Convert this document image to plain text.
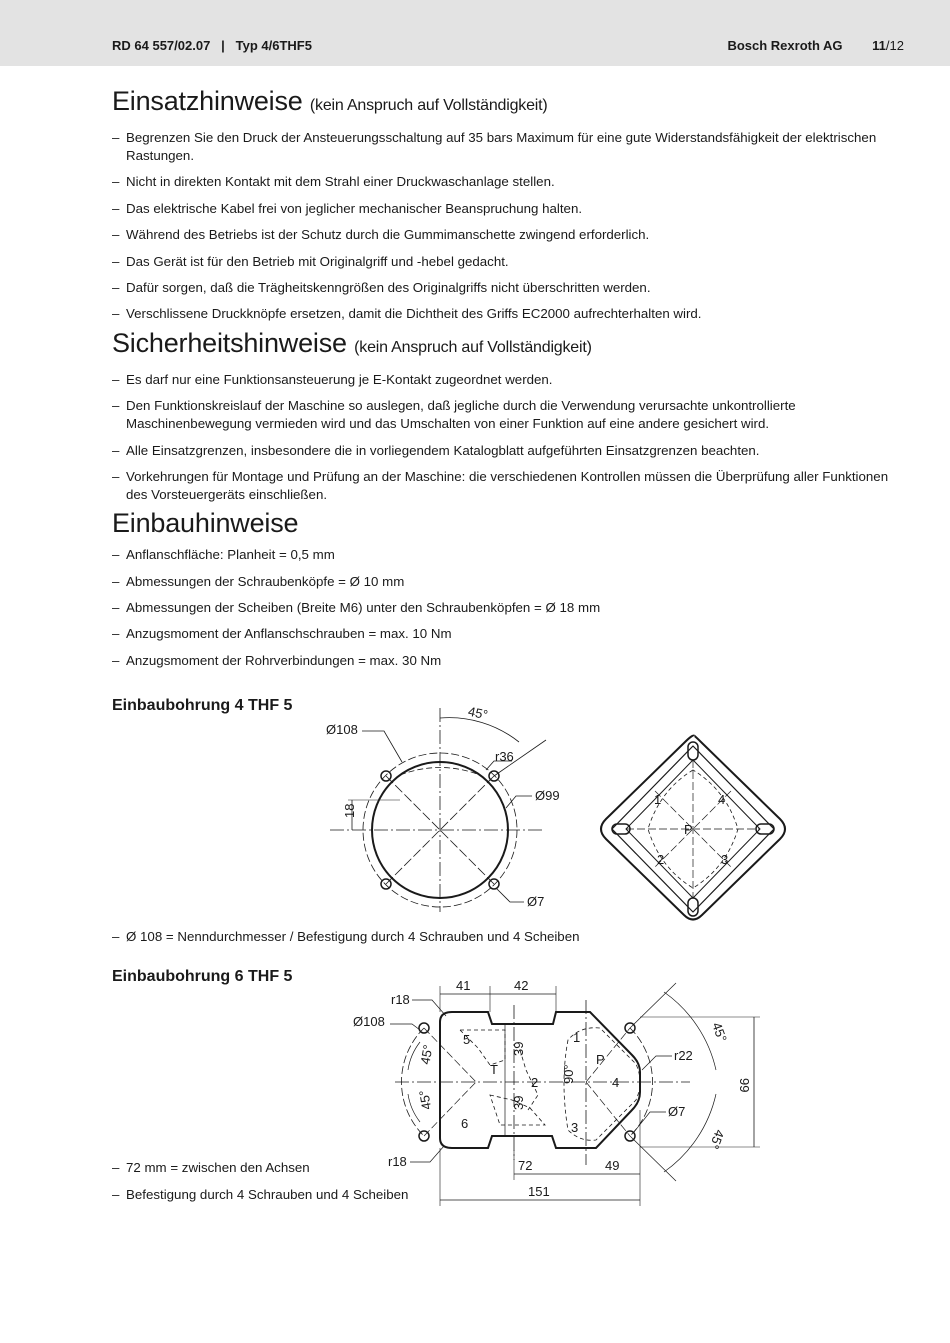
RD 64 557/02.07 | Typ 4/6THF5	Bosch Rexroth AG 11/12
Einsatzhinweise (kein Anspruch auf Vollständigkeit)
– Begrenzen Sie den Druck der Ansteuerungsschaltung auf 35 bars Maximum für eine gute Widerstandsfähigkeit der elektrischen Rastungen.
– Nicht in direkten Kontakt mit dem Strahl einer Druckwaschanlage stellen.
– Das elektrische Kabel frei von jeglicher mechanischer Beanspruchung halten.
– Während des Betriebs ist der Schutz durch die Gummimanschette zwingend erforderlich.
– Das Gerät ist für den Betrieb mit Originalgriff und -hebel gedacht.
– Dafür sorgen, daß die Trägheitskenngrößen des Originalgriffs nicht überschritten werden.
– Verschlissene Druckknöpfe ersetzen, damit die Dichtheit des Griffs EC2000 aufrechterhalten wird.
Sicherheitshinweise (kein Anspruch auf Vollständigkeit)
– Es darf nur eine Funktionsansteuerung je E-Kontakt zugeordnet werden.
– Den Funktionskreislauf der Maschine so auslegen, daß jegliche durch die Verwendung verursachte unkontrollierte Maschinenbewegung vermieden wird und das Umschalten von einer Funktion auf eine andere gesichert wird.
– Alle Einsatzgrenzen, insbesondere die in vorliegendem Katalogblatt aufgeführten Einsatzgrenzen beachten.
– Vorkehrungen für Montage und Prüfung an der Maschine: die verschiedenen Kontrollen müssen die Überprüfung aller Funktionen des Vorsteuergeräts einschließen.
Einbauhinweise
– Anflanschfläche: Planheit = 0,5 mm
– Abmessungen der Schraubenköpfe = Ø 10 mm
– Abmessungen der Scheiben (Breite M6) unter den Schraubenköpfen = Ø 18 mm
– Anzugsmoment der Anflanschschrauben = max. 10 Nm
– Anzugsmoment der Rohrverbindungen = max. 30 Nm
Einbaubohrung 4 THF 5	45°
Ø108
r36
Ø99
18
Ø7
1	4
P
2	3
– Ø 108 = Nenndurchmesser / Befestigung durch 4 Schrauben und 4 Scheiben
Einbaubohrung 6 THF 5
41	42
r18
Ø108
5
39
T
2 90°
1
P
4
r22
45°
45°
45°
45°
99
39
6	3
Ø7
r18	72	49
151
– 72 mm = zwischen den Achsen
– Befestigung durch 4 Schrauben und 4 Scheiben
